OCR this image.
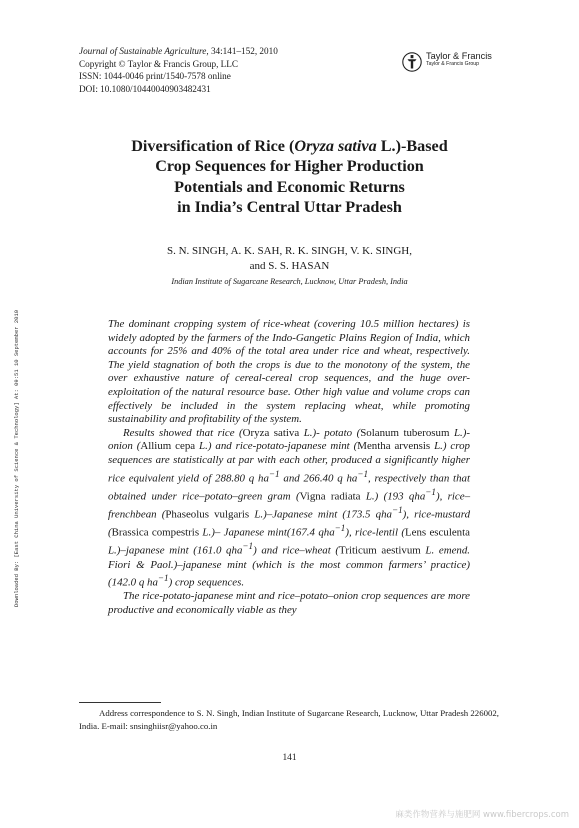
Journal of Sustainable Agriculture, 34:141–152, 2010
Copyright © Taylor & Francis Group, LLC
ISSN: 1044-0046 print/1540-7578 online
DOI: 10.1080/10440040903482431
Taylor & Francis
Taylor & Francis Group
Downloaded By: [East China University of Science & Technology] At: 09:51 10 September 2010
Diversification of Rice (Oryza sativa L.)-Based
Crop Sequences for Higher Production
Potentials and Economic Returns
in India’s Central Uttar Pradesh
S. N. SINGH, A. K. SAH, R. K. SINGH, V. K. SINGH,
and S. S. HASAN
Indian Institute of Sugarcane Research, Lucknow, Uttar Pradesh, India

The dominant cropping system of rice-wheat (covering 10.5 million hectares) is widely adopted by the farmers of the Indo-Gangetic Plains Region of India, which accounts for 25% and 40% of the total area under rice and wheat, respectively. The yield stagnation of both the crops is due to the monotony of the system, the over exhaustive nature of cereal-cereal crop sequences, and the huge over-exploitation of the natural resource base. Other high value and volume crops can effectively be included in the system replacing wheat, while promoting sustainability and profitability of the system.

Results showed that rice (Oryza sativa L.)- potato (Solanum tuberosum L.)- onion (Allium cepa L.) and rice-potato-japanese mint (Mentha arvensis L.) crop sequences are statistically at par with each other, produced a significantly higher rice equivalent yield of 288.80 q $ha^{-1}$ and 266.40 q $ha^{-1}$, respectively than that obtained under rice–potato–green gram (Vigna radiata L.) (193 qha$^{-1}$), rice–frenchbean (Phaseolus vulgaris L.)–Japanese mint (173.5 qha$^{-1}$), rice-mustard (Brassica compestris L.)– Japanese mint(167.4 qha$^{-1}$), rice-lentil (Lens esculenta L.)–japanese mint (161.0 qha$^{-1}$) and rice–wheat (Triticum aestivum L. emend. Fiori & Paol.)–japanese mint (which is the most common farmers’ practice) (142.0 q $ha^{-1}$) crop sequences.

The rice-potato-japanese mint and rice–potato–onion crop sequences are more productive and economically viable as they

Address correspondence to S. N. Singh, Indian Institute of Sugarcane Research, Lucknow, Uttar Pradesh 226002, India. E-mail: snsinghiisr@yahoo.co.in
141
麻类作物营养与施肥网 www.fibercrops.com
